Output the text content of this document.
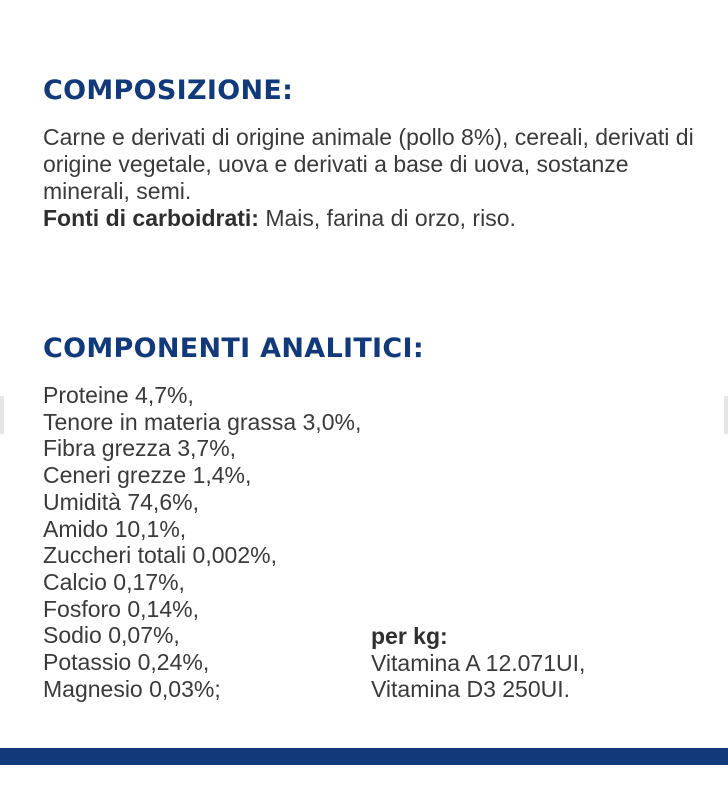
COMPOSIZIONE:

Carne e derivati di origine animale (pollo 8%), cereali, derivati di origine vegetale, uova e derivati a base di uova, sostanze minerali, semi.
Fonti di carboidrati: Mais, farina di orzo, riso.

COMPONENTI ANALITICI:
Proteine 4,7%,
Tenore in materia grassa 3,0%,
Fibra grezza 3,7%,
Ceneri grezze 1,4%,
Umidità 74,6%,
Amido 10,1%,
Zuccheri totali 0,002%,
Calcio 0,17%,
Fosforo 0,14%,
Sodio 0,07%,
Potassio 0,24%,
Magnesio 0,03%;
per kg:
Vitamina A 12.071UI,
Vitamina D3 250UI.
